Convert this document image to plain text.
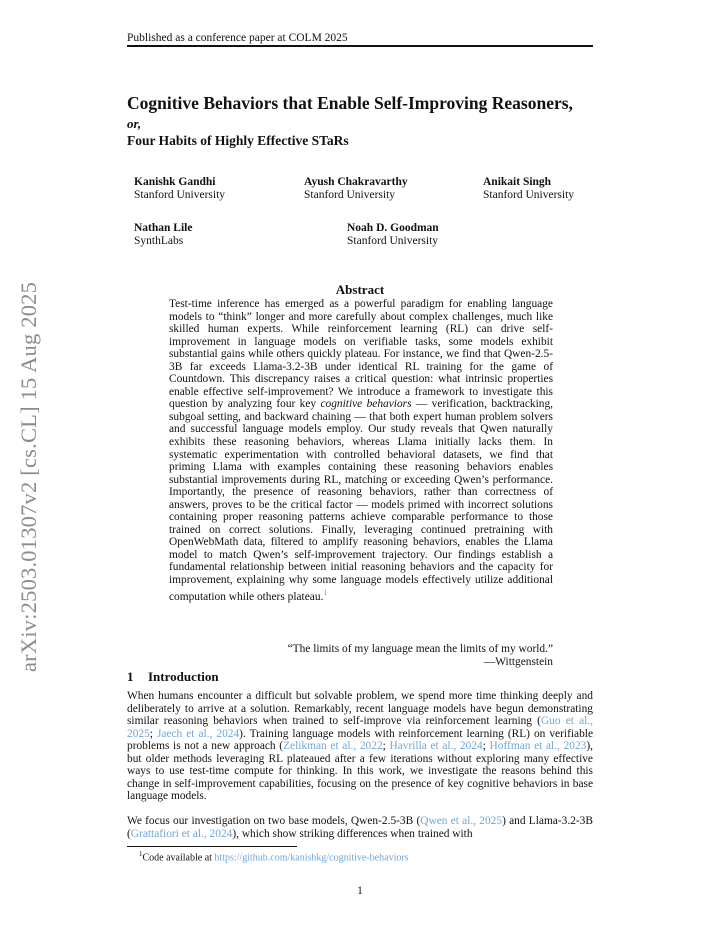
Published as a conference paper at COLM 2025
Cognitive Behaviors that Enable Self-Improving Reasoners,
or,
Four Habits of Highly Effective STaRs
Kanishk Gandhi
Stanford University
Ayush Chakravarthy
Stanford University
Anikait Singh
Stanford University
Nathan Lile
SynthLabs
Noah D. Goodman
Stanford University
arXiv:2503.01307v2 [cs.CL] 15 Aug 2025	Abstract
Test-time inference has emerged as a powerful paradigm for enabling language models to “think” longer and more carefully about complex challenges, much like skilled human experts. While reinforcement learning (RL) can drive self-improvement in language models on verifiable tasks, some models exhibit substantial gains while others quickly plateau. For instance, we find that Qwen-2.5-3B far exceeds Llama-3.2-3B under identical RL training for the game of Countdown. This discrepancy raises a critical question: what intrinsic properties enable effective self-improvement? We introduce a framework to investigate this question by analyzing four key cognitive behaviors — verification, backtracking, subgoal setting, and backward chaining — that both expert human problem solvers and successful language models employ. Our study reveals that Qwen naturally exhibits these reasoning behaviors, whereas Llama initially lacks them. In systematic experimentation with controlled behavioral datasets, we find that priming Llama with examples containing these reasoning behaviors enables substantial improvements during RL, matching or exceeding Qwen’s performance. Importantly, the presence of reasoning behaviors, rather than correctness of answers, proves to be the critical factor — models primed with incorrect solutions containing proper reasoning patterns achieve comparable performance to those trained on correct solutions. Finally, leveraging continued pretraining with OpenWebMath data, filtered to amplify reasoning behaviors, enables the Llama model to match Qwen’s self-improvement trajectory. Our findings establish a fundamental relationship between initial reasoning behaviors and the capacity for improvement, explaining why some language models effectively utilize additional computation while others plateau.$^1$
“The limits of my language mean the limits of my world.”
—Wittgenstein
1 Introduction
When humans encounter a difficult but solvable problem, we spend more time thinking deeply and deliberately to arrive at a solution. Remarkably, recent language models have begun demonstrating similar reasoning behaviors when trained to self-improve via reinforcement learning (Guo et al., 2025; Jaech et al., 2024). Training language models with reinforcement learning (RL) on verifiable problems is not a new approach (Zelikman et al., 2022; Havrilla et al., 2024; Hoffman et al., 2023), but older methods leveraging RL plateaued after a few iterations without exploring many effective ways to use test-time compute for thinking. In this work, we investigate the reasons behind this change in self-improvement capabilities, focusing on the presence of key cognitive behaviors in base language models.
We focus our investigation on two base models, Qwen-2.5-3B (Qwen et al., 2025) and Llama-3.2-3B (Grattafiori et al., 2024), which show striking differences when trained with
$^1$Code available at https://github.com/kanishkg/cognitive-behaviors
1
